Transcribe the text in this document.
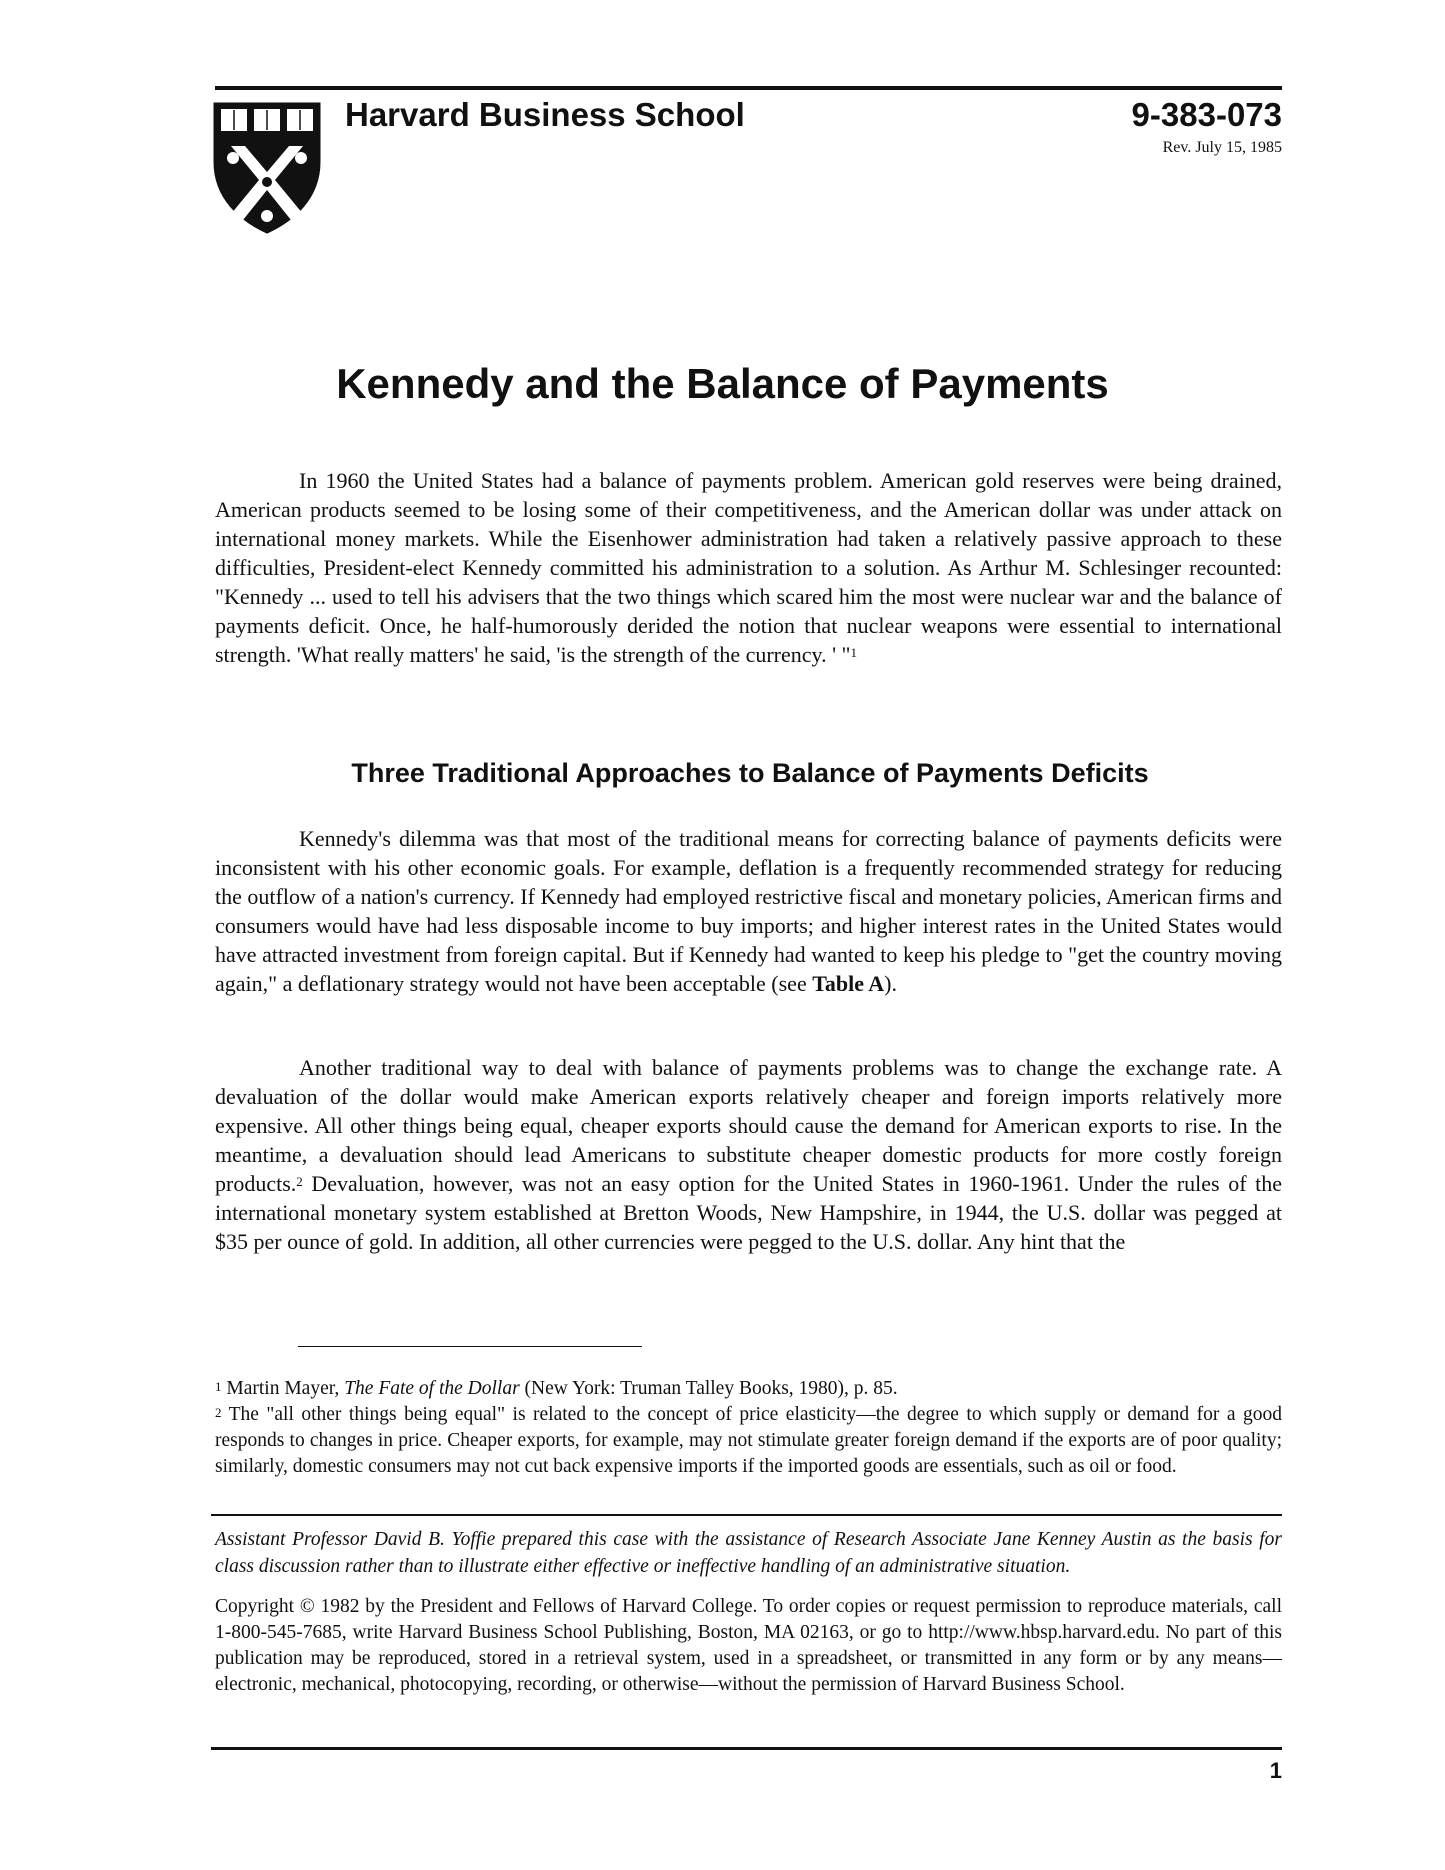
Harvard Business School	9-383-073

Rev. July 15, 1985

Kennedy and the Balance of Payments

In 1960 the United States had a balance of payments problem. American gold reserves were being drained, American products seemed to be losing some of their competitiveness, and the American dollar was under attack on international money markets. While the Eisenhower administration had taken a relatively passive approach to these difficulties, President-elect Kennedy committed his administration to a solution. As Arthur M. Schlesinger recounted: "Kennedy ... used to tell his advisers that the two things which scared him the most were nuclear war and the balance of payments deficit. Once, he half-humorously derided the notion that nuclear weapons were essential to international strength. 'What really matters' he said, 'is the strength of the currency. ' "$^1$

Three Traditional Approaches to Balance of Payments Deficits

Kennedy's dilemma was that most of the traditional means for correcting balance of payments deficits were inconsistent with his other economic goals. For example, deflation is a frequently recommended strategy for reducing the outflow of a nation's currency. If Kennedy had employed restrictive fiscal and monetary policies, American firms and consumers would have had less disposable income to buy imports; and higher interest rates in the United States would have attracted investment from foreign capital. But if Kennedy had wanted to keep his pledge to "get the country moving again," a deflationary strategy would not have been acceptable (see Table A).

Another traditional way to deal with balance of payments problems was to change the exchange rate. A devaluation of the dollar would make American exports relatively cheaper and foreign imports relatively more expensive. All other things being equal, cheaper exports should cause the demand for American exports to rise. In the meantime, a devaluation should lead Americans to substitute cheaper domestic products for more costly foreign products.$^2$ Devaluation, however, was not an easy option for the United States in 1960-1961. Under the rules of the international monetary system established at Bretton Woods, New Hampshire, in 1944, the U.S. dollar was pegged at $35 per ounce of gold. In addition, all other currencies were pegged to the U.S. dollar. Any hint that the

$^1$ Martin Mayer, The Fate of the Dollar (New York: Truman Talley Books, 1980), p. 85.

$^2$ The "all other things being equal" is related to the concept of price elasticity—the degree to which supply or demand for a good responds to changes in price. Cheaper exports, for example, may not stimulate greater foreign demand if the exports are of poor quality; similarly, domestic consumers may not cut back expensive imports if the imported goods are essentials, such as oil or food.

Assistant Professor David B. Yoffie prepared this case with the assistance of Research Associate Jane Kenney Austin as the basis for class discussion rather than to illustrate either effective or ineffective handling of an administrative situation.

Copyright © 1982 by the President and Fellows of Harvard College. To order copies or request permission to reproduce materials, call 1-800-545-7685, write Harvard Business School Publishing, Boston, MA 02163, or go to http://www.hbsp.harvard.edu. No part of this publication may be reproduced, stored in a retrieval system, used in a spreadsheet, or transmitted in any form or by any means—electronic, mechanical, photocopying, recording, or otherwise—without the permission of Harvard Business School.

1
